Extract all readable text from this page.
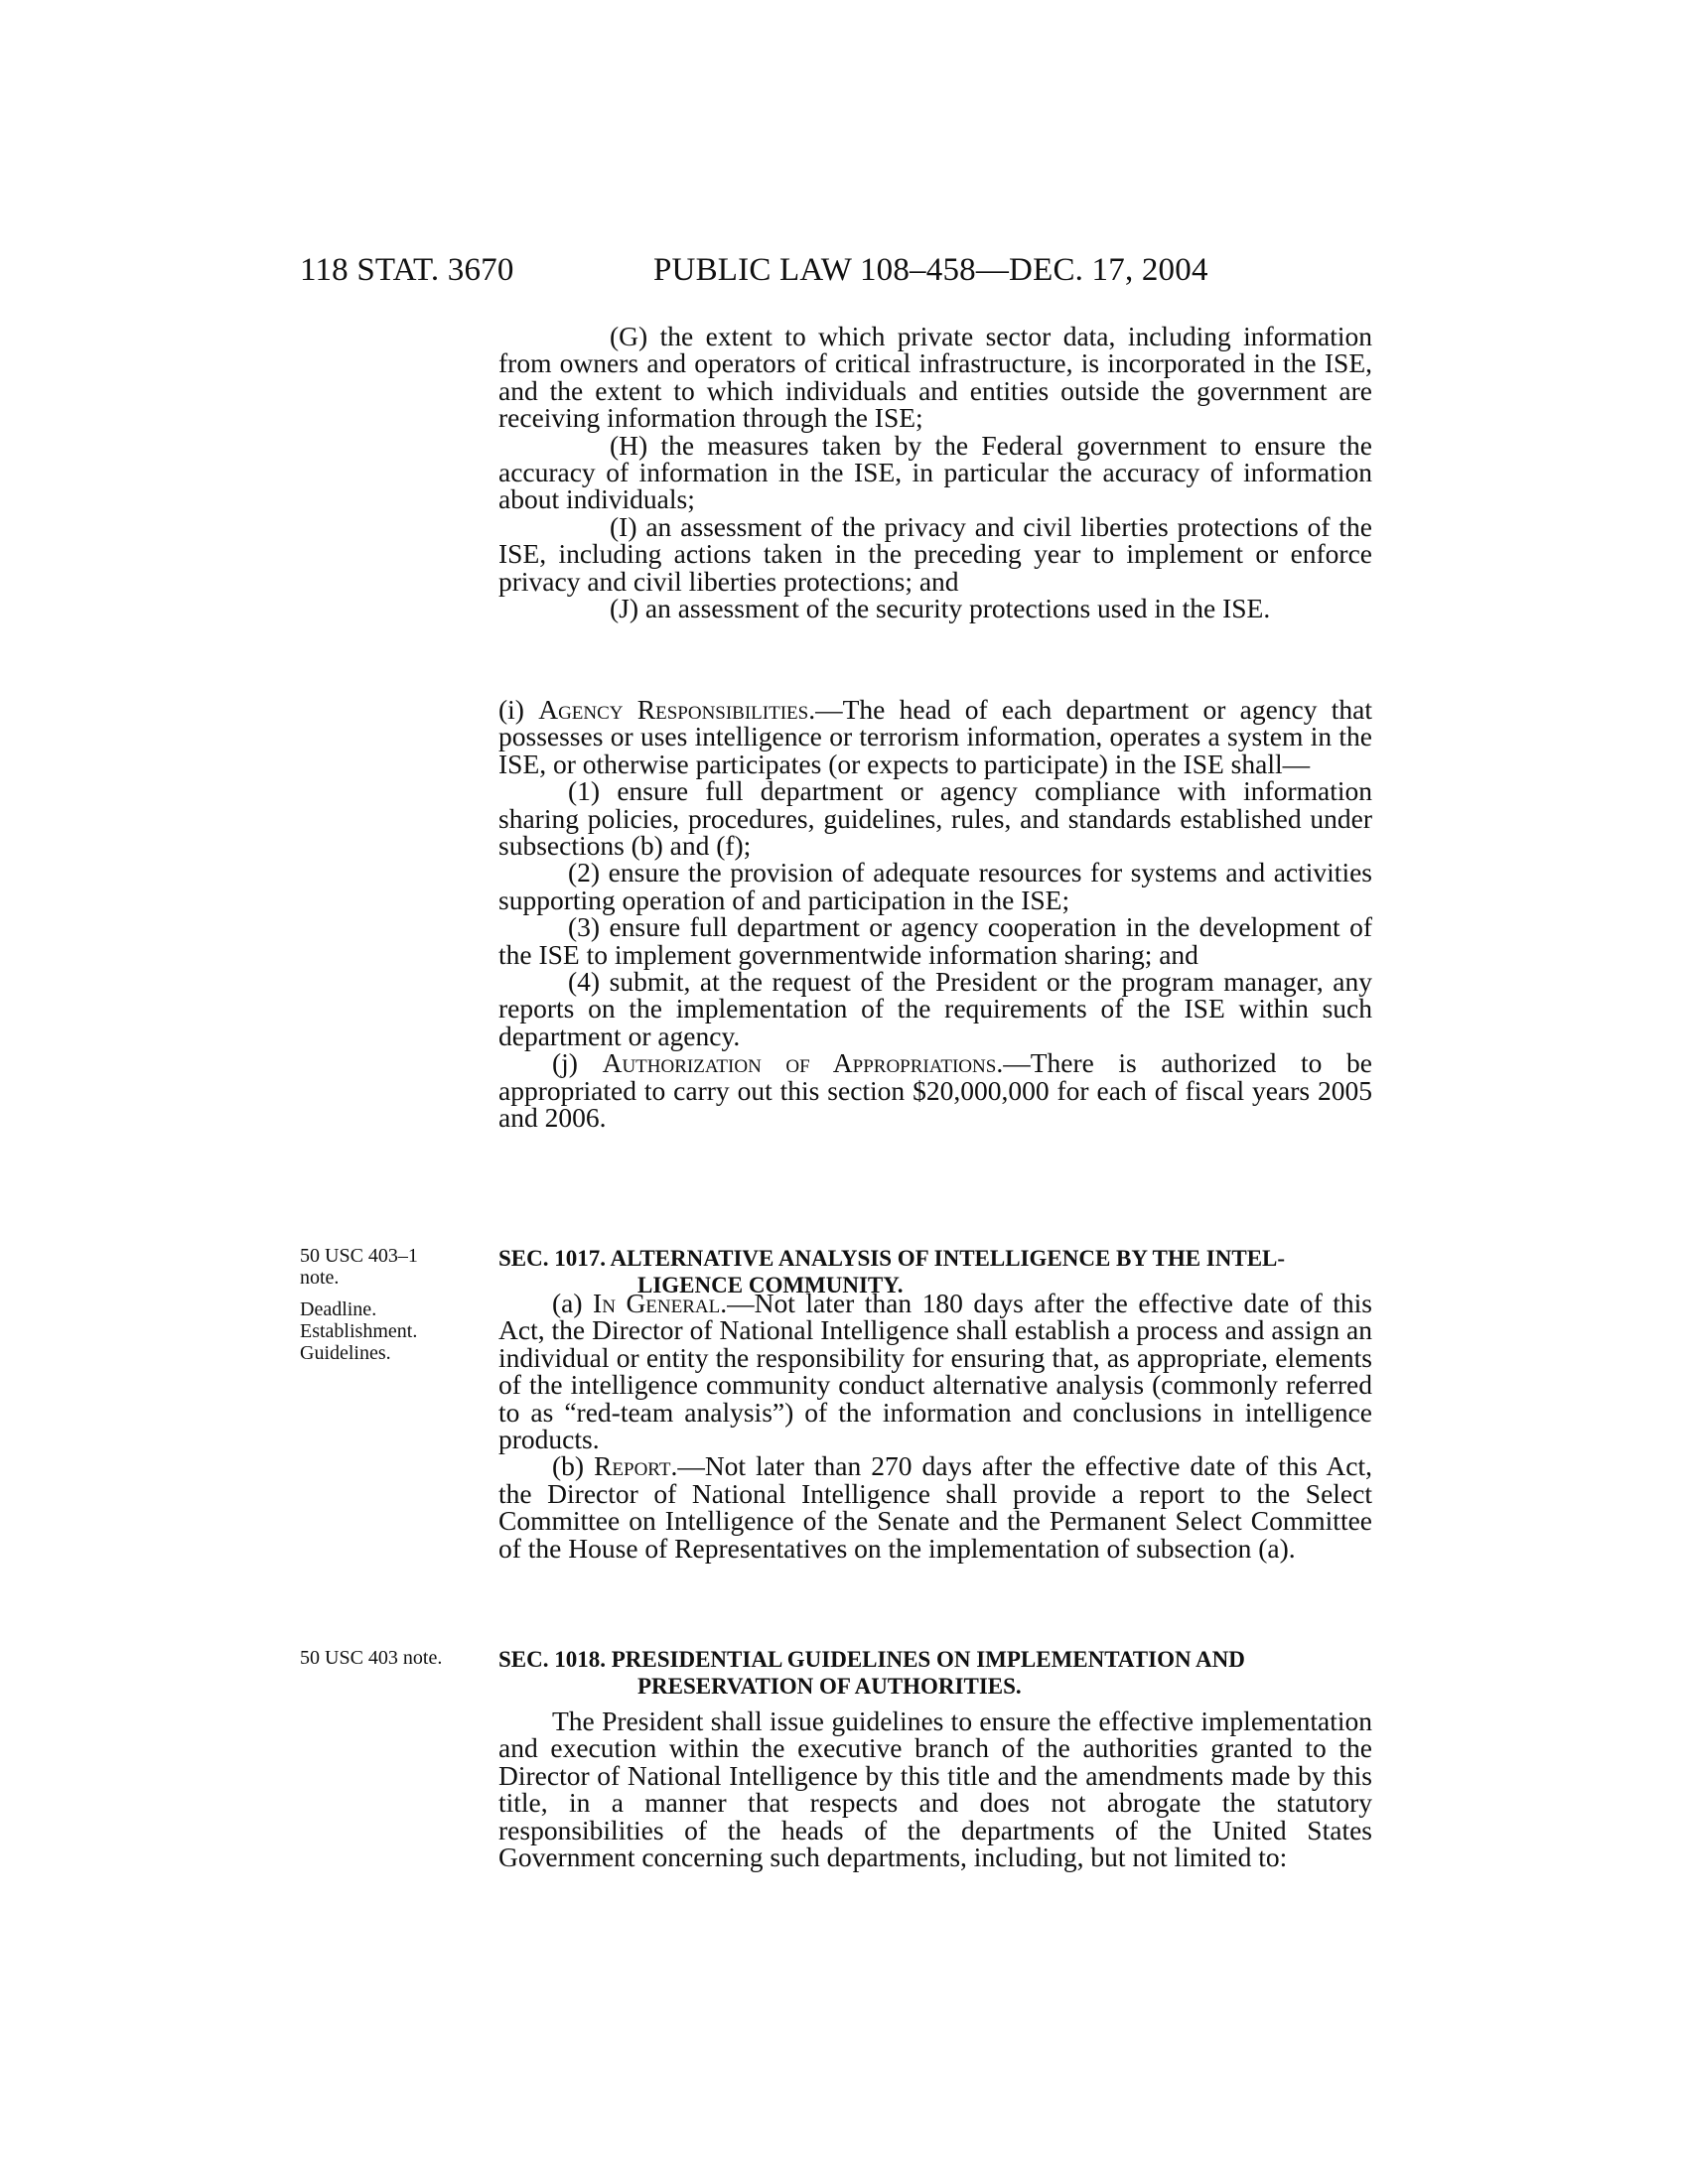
118 STAT. 3670	PUBLIC LAW 108–458—DEC. 17, 2004

(G) the extent to which private sector data, including information from owners and operators of critical infrastructure, is incorporated in the ISE, and the extent to which individuals and entities outside the government are receiving information through the ISE;

(H) the measures taken by the Federal government to ensure the accuracy of information in the ISE, in particular the accuracy of information about individuals;

(I) an assessment of the privacy and civil liberties protections of the ISE, including actions taken in the preceding year to implement or enforce privacy and civil liberties protections; and

(J) an assessment of the security protections used in the ISE.

(i) Agency Responsibilities.—The head of each department or agency that possesses or uses intelligence or terrorism information, operates a system in the ISE, or otherwise participates (or expects to participate) in the ISE shall—

(1) ensure full department or agency compliance with information sharing policies, procedures, guidelines, rules, and standards established under subsections (b) and (f);

(2) ensure the provision of adequate resources for systems and activities supporting operation of and participation in the ISE;

(3) ensure full department or agency cooperation in the development of the ISE to implement governmentwide information sharing; and

(4) submit, at the request of the President or the program manager, any reports on the implementation of the requirements of the ISE within such department or agency.

(j) Authorization of Appropriations.—There is authorized to be appropriated to carry out this section $20,000,000 for each of fiscal years 2005 and 2006.

50 USC 403–1
note.
SEC. 1017. ALTERNATIVE ANALYSIS OF INTELLIGENCE BY THE INTEL-
LIGENCE COMMUNITY.
Deadline.
Establishment.
Guidelines.

(a) In General.—Not later than 180 days after the effective date of this Act, the Director of National Intelligence shall establish a process and assign an individual or entity the responsibility for ensuring that, as appropriate, elements of the intelligence community conduct alternative analysis (commonly referred to as “red-team analysis”) of the information and conclusions in intelligence products.

(b) Report.—Not later than 270 days after the effective date of this Act, the Director of National Intelligence shall provide a report to the Select Committee on Intelligence of the Senate and the Permanent Select Committee of the House of Representatives on the implementation of subsection (a).

50 USC 403 note.	SEC. 1018. PRESIDENTIAL GUIDELINES ON IMPLEMENTATION AND
PRESERVATION OF AUTHORITIES.

The President shall issue guidelines to ensure the effective implementation and execution within the executive branch of the authorities granted to the Director of National Intelligence by this title and the amendments made by this title, in a manner that respects and does not abrogate the statutory responsibilities of the heads of the departments of the United States Government concerning such departments, including, but not limited to:
